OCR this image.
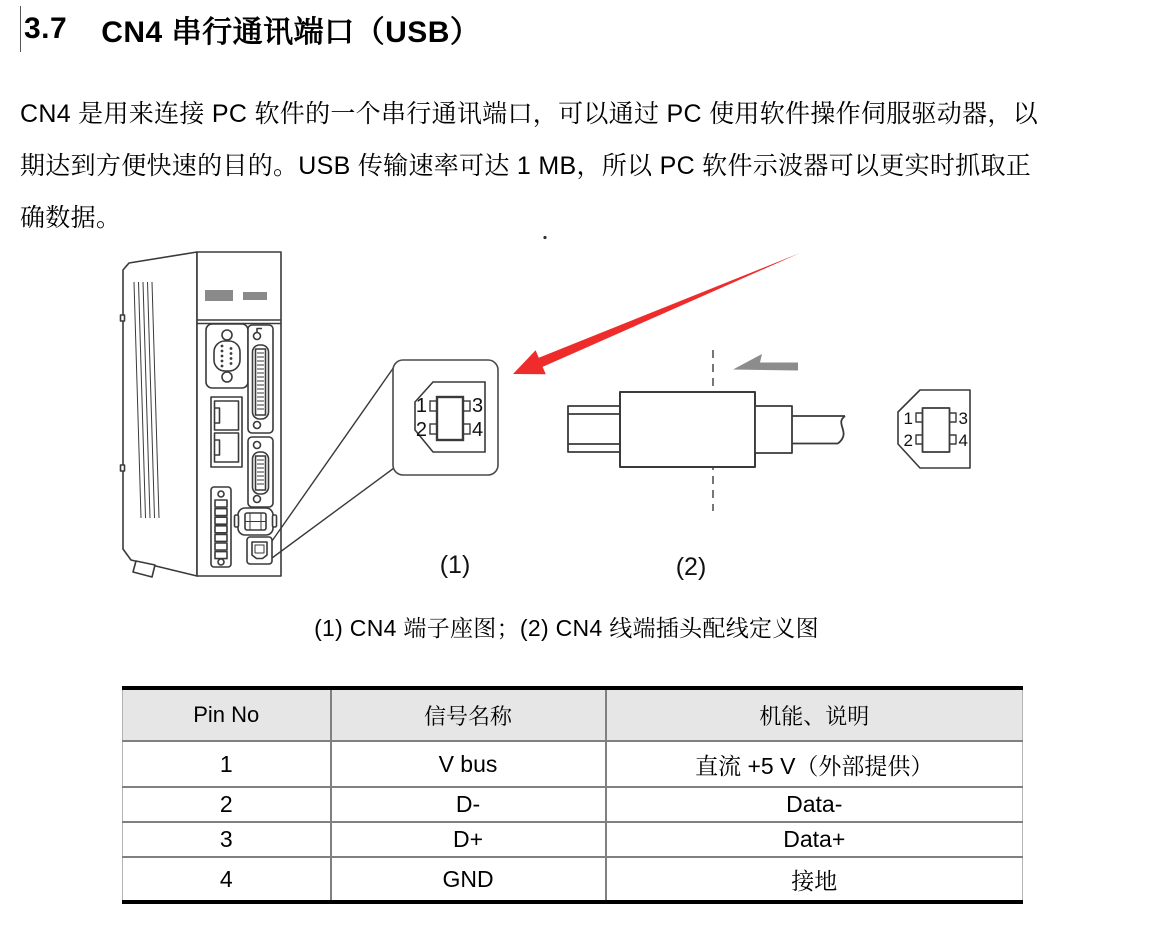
3.7 CN4 串行通讯端口（USB）
CN4 是用来连接 PC 软件的一个串行通讯端口，可以通过 PC 使用软件操作伺服驱动器，以
期达到方便快速的目的。USB 传输速率可达 1 MB，所以 PC 软件示波器可以更实时抓取正
确数据。
1 3
2 4
1	3
2	4
(1)	(2)
(1) CN4 端子座图；(2) CN4 线端插头配线定义图
Pin No	信号名称	机能、说明
1	V bus	直流 +5 V（外部提供）
2	D-	Data-
3	D+	Data+
4	GND	接地
